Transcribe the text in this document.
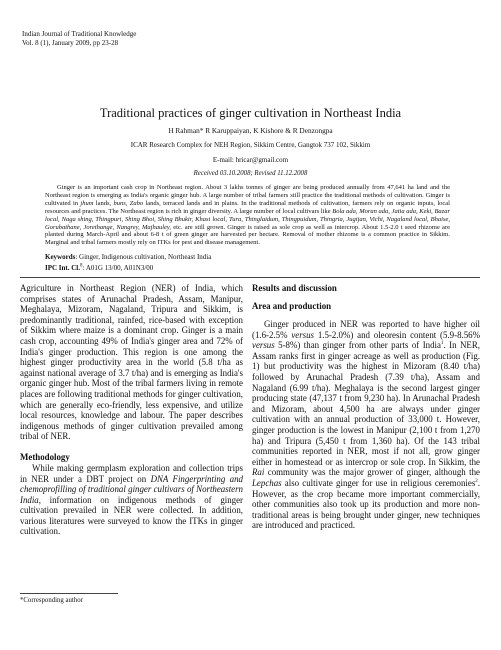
Indian Journal of Traditional Knowledge
Vol. 8 (1), January 2009, pp 23-28
Traditional practices of ginger cultivation in Northeast India
H Rahman* R Karuppaiyan, K Kishore & R Denzongpa
ICAR Research Complex for NEH Region, Sikkim Centre, Gangtok 737 102, Sikkim
E-mail: hricar@gmail.com
Received 03.10.2008; Revised 11.12.2008

Ginger is an important cash crop in Northeast region. About 3 lakhs tonnes of ginger are being produced annually from 47,641 ha land and the Northeast region is emerging as India's organic ginger hub. A large number of tribal farmers still practice the traditional methods of cultivation. Ginger is cultivated in jhum lands, buns, Zabo lands, terraced lands and in plains. In the traditional methods of cultivation, farmers rely on organic inputs, local resources and practices. The Northeast region is rich in ginger diversity. A large number of local cultivars like Bola ada, Moran ada, Jatia ada, Keki, Bazar local, Naga shing, Thingpuri, Shing Bhoi, Shing Bhukir, Khasi local, Tura, Thinglaidum, Thingpuidum, Thingria, Jugijan, Vichi, Nagaland local, Bhaise, Gorubathane, Jorethange, Nangrey, Majhauley, etc. are still grown. Ginger is raised as sole crop as well as intercrop. About 1.5-2.0 t seed rhizome are planted during March-April and about 6-8 t of green ginger are harvested per hectare. Removal of mother rhizome is a common practice in Sikkim. Marginal and tribal farmers mostly rely on ITKs for pest and disease management.

Keywords: Ginger, Indigenous cultivation, Northeast India
IPC Int. Cl.$^8$: A01G 13/00, A01N3/00

Agriculture in Northeast Region (NER) of India, which comprises states of Arunachal Pradesh, Assam, Manipur, Meghalaya, Mizoram, Nagaland, Tripura and Sikkim, is predominantly traditional, rainfed, rice-based with exception of Sikkim where maize is a dominant crop. Ginger is a main cash crop, accounting 49% of India's ginger area and 72% of India's ginger production. This region is one among the highest ginger productivity area in the world (5.8 t/ha as against national average of 3.7 t/ha) and is emerging as India's organic ginger hub. Most of the tribal farmers living in remote places are following traditional methods for ginger cultivation, which are generally eco-friendly, less expensive, and utilize local resources, knowledge and labour. The paper describes indigenous methods of ginger cultivation prevailed among tribal of NER.

Methodology

While making germplasm exploration and collection trips in NER under a DBT project on DNA Fingerprinting and chemoprofilling of traditional ginger cultivars of Northeastern India, information on indigenous methods of ginger cultivation prevailed in NER were collected. In addition, various literatures were surveyed to know the ITKs in ginger cultivation.

*Corresponding author
Results and discussion
Area and production

Ginger produced in NER was reported to have higher oil (1.6-2.5% versus 1.5-2.0%) and oleoresin content (5.9-8.56% versus 5-8%) than ginger from other parts of India$^1$. In NER, Assam ranks first in ginger acreage as well as production (Fig. 1) but productivity was the highest in Mizoram (8.40 t/ha) followed by Arunachal Pradesh (7.39 t/ha), Assam and Nagaland (6.99 t/ha). Meghalaya is the second largest ginger producing state (47,137 t from 9,230 ha). In Arunachal Pradesh and Mizoram, about 4,500 ha are always under ginger cultivation with an annual production of 33,000 t. However, ginger production is the lowest in Manipur (2,100 t from 1,270 ha) and Tripura (5,450 t from 1,360 ha). Of the 143 tribal communities reported in NER, most if not all, grow ginger either in homestead or as intercrop or sole crop. In Sikkim, the Rai community was the major grower of ginger, although the Lepchas also cultivate ginger for use in religious ceremonies$^2$. However, as the crop became more important commercially, other communities also took up its production and more non-traditional areas is being brought under ginger, new techniques are introduced and practiced.
